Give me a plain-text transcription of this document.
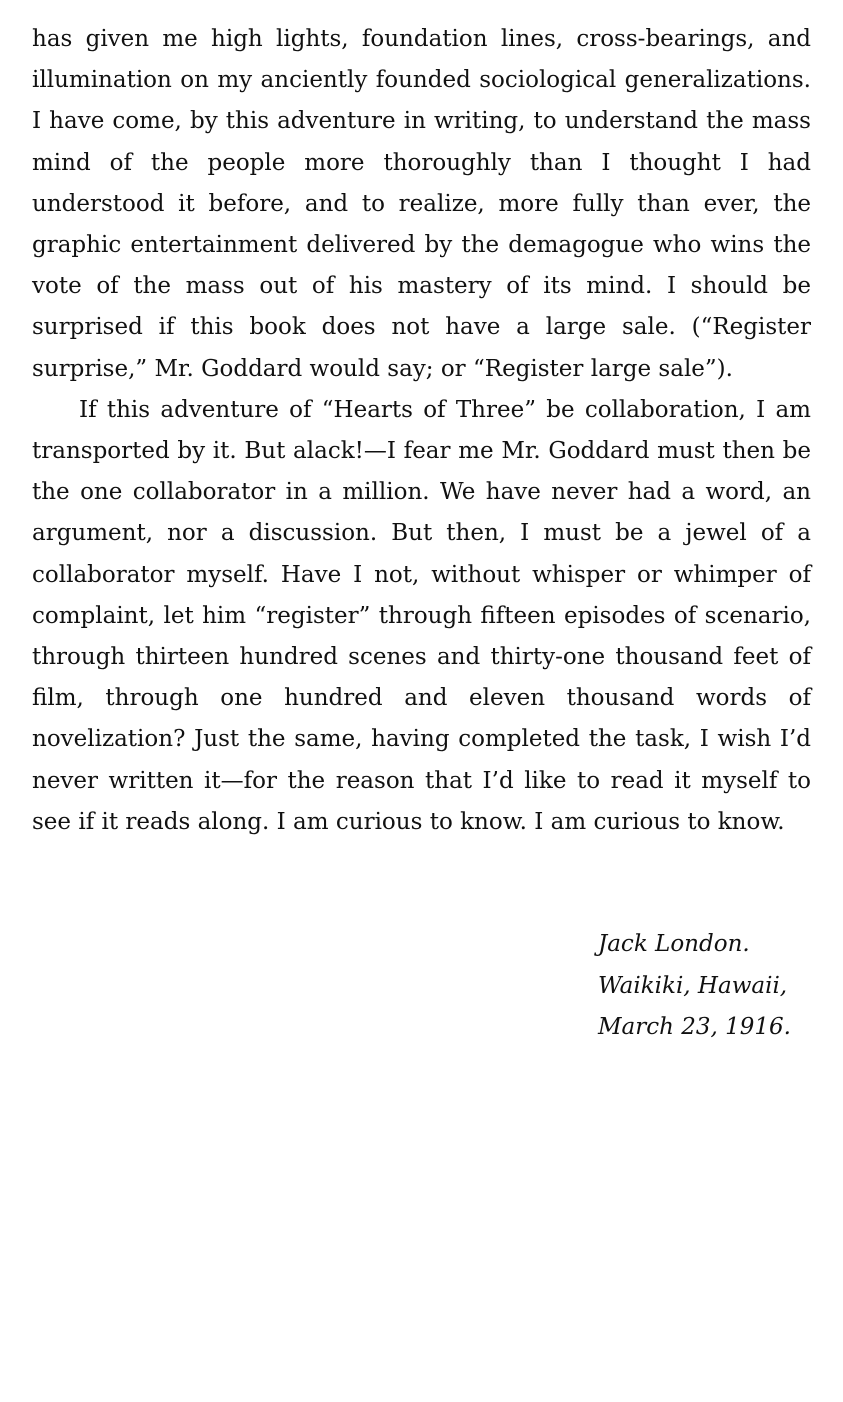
has given me high lights, foundation lines, cross-bearings, and illumination on my anciently founded sociological generalizations. I have come, by this adventure in writing, to understand the mass mind of the people more thoroughly than I thought I had understood it before, and to realize, more fully than ever, the graphic entertainment delivered by the demagogue who wins the vote of the mass out of his mastery of its mind. I should be surprised if this book does not have a large sale. (“Register surprise,” Mr. Goddard would say; or “Register large sale”).

If this adventure of “Hearts of Three” be collaboration, I am transported by it. But alack!—I fear me Mr. Goddard must then be the one collaborator in a million. We have never had a word, an argument, nor a discussion. But then, I must be a jewel of a collaborator myself. Have I not, without whisper or whimper of complaint, let him “register” through fifteen episodes of scenario, through thirteen hundred scenes and thirty-one thousand feet of film, through one hundred and eleven thousand words of novelization? Just the same, having completed the task, I wish I’d never written it—for the reason that I’d like to read it myself to see if it reads along. I am curious to know. I am curious to know.

Jack London.
Waikiki, Hawaii,
March 23, 1916.
